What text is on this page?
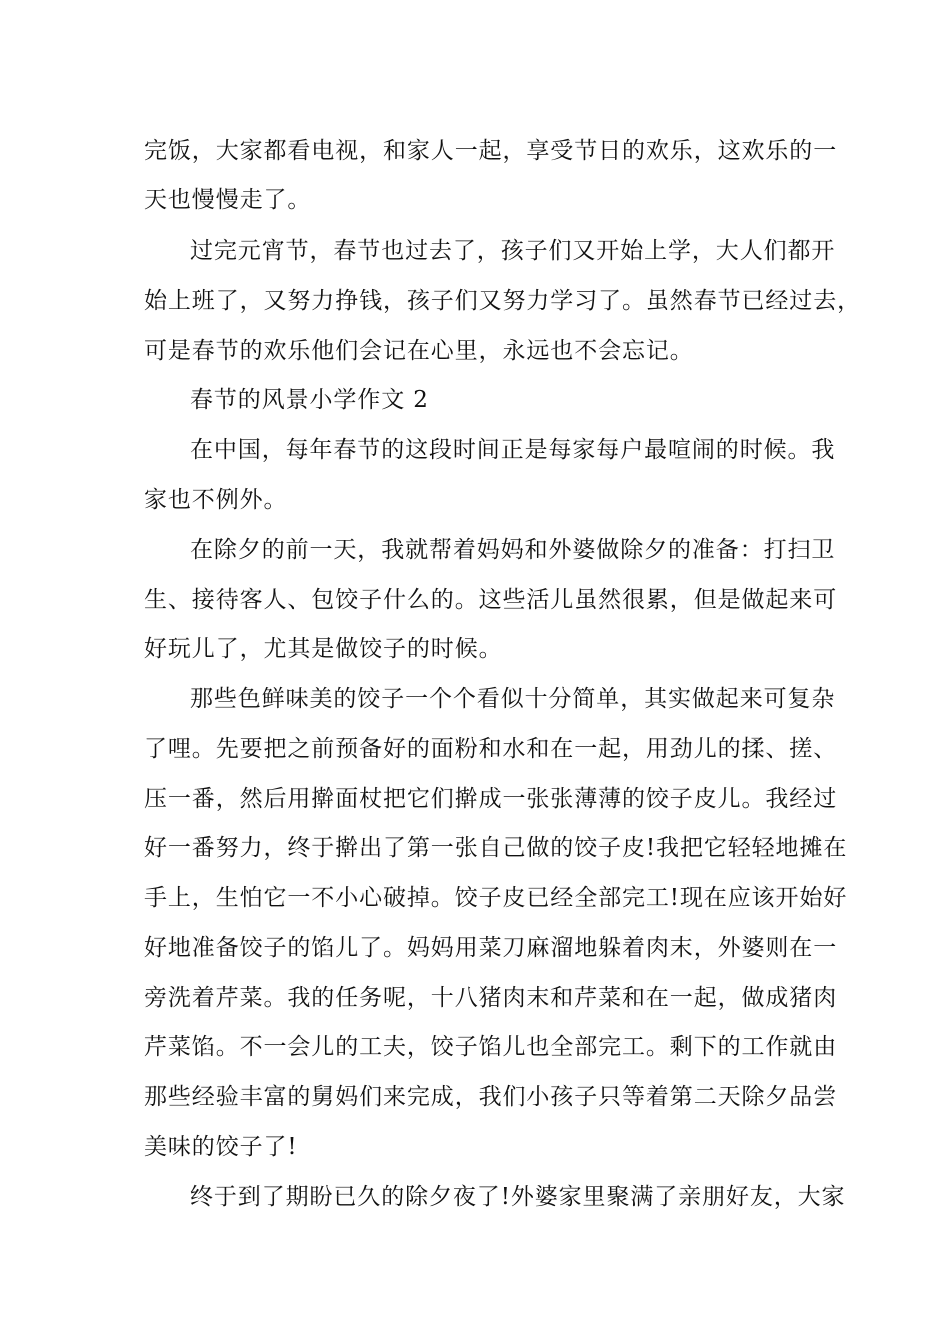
完饭，大家都看电视，和家人一起，享受节日的欢乐，这欢乐的一
天也慢慢走了。
过完元宵节，春节也过去了，孩子们又开始上学，大人们都开
始上班了，又努力挣钱，孩子们又努力学习了。虽然春节已经过去，
可是春节的欢乐他们会记在心里，永远也不会忘记。
春节的风景小学作文 2
在中国，每年春节的这段时间正是每家每户最喧闹的时候。我
家也不例外。
在除夕的前一天，我就帮着妈妈和外婆做除夕的准备：打扫卫
生、接待客人、包饺子什么的。这些活儿虽然很累，但是做起来可
好玩儿了，尤其是做饺子的时候。
那些色鲜味美的饺子一个个看似十分简单，其实做起来可复杂
了哩。先要把之前预备好的面粉和水和在一起，用劲儿的揉、搓、
压一番，然后用擀面杖把它们擀成一张张薄薄的饺子皮儿。我经过
好一番努力，终于擀出了第一张自己做的饺子皮!我把它轻轻地摊在
手上，生怕它一不小心破掉。饺子皮已经全部完工!现在应该开始好
好地准备饺子的馅儿了。妈妈用菜刀麻溜地躲着肉末，外婆则在一
旁洗着芹菜。我的任务呢，十八猪肉末和芹菜和在一起，做成猪肉
芹菜馅。不一会儿的工夫，饺子馅儿也全部完工。剩下的工作就由
那些经验丰富的舅妈们来完成，我们小孩子只等着第二天除夕品尝
美味的饺子了!
终于到了期盼已久的除夕夜了!外婆家里聚满了亲朋好友，大家
